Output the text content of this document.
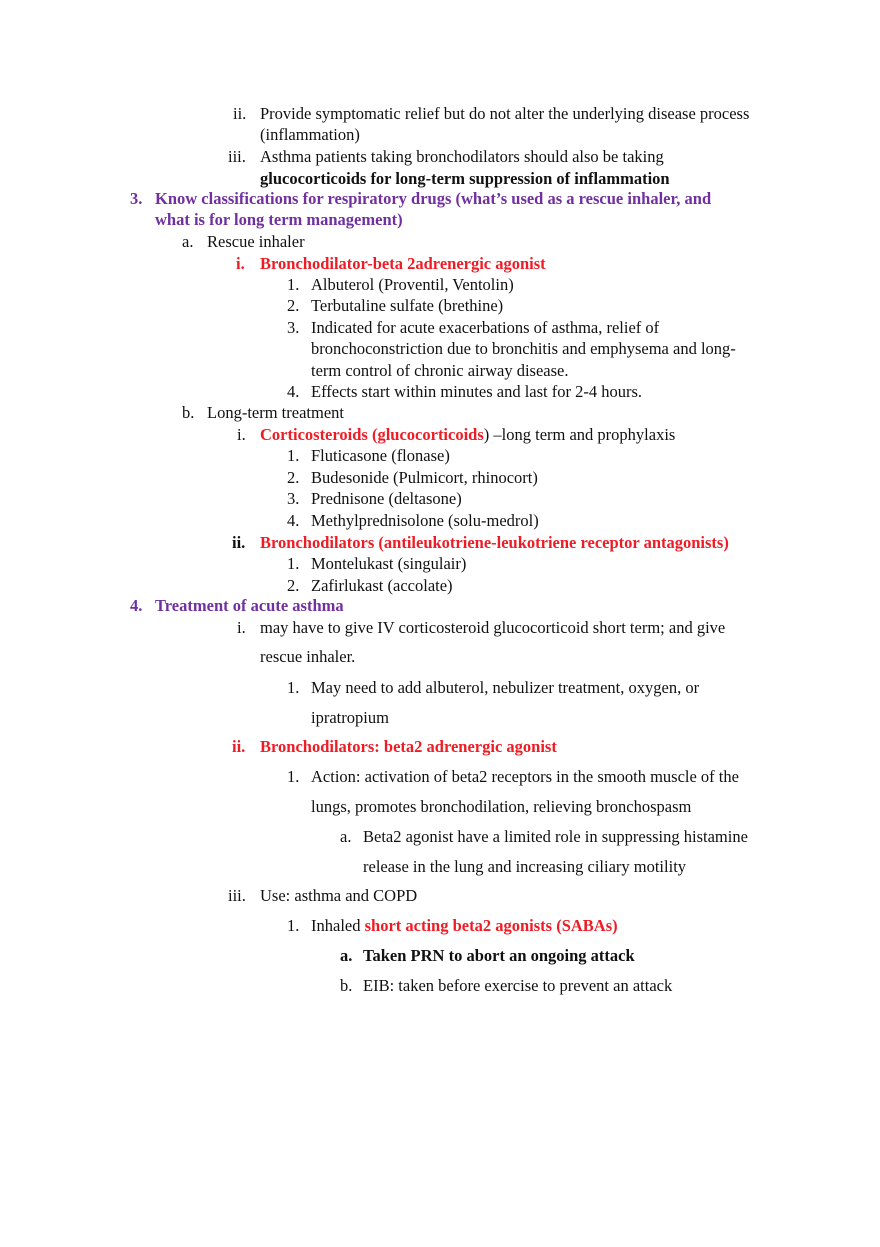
ii. Provide symptomatic relief but do not alter the underlying disease process
(inflammation)
iii. Asthma patients taking bronchodilators should also be taking
glucocorticoids for long-term suppression of inflammation
3. Know classifications for respiratory drugs (what’s used as a rescue inhaler, and
what is for long term management)
a. Rescue inhaler
i. Bronchodilator-beta 2adrenergic agonist
1. Albuterol (Proventil, Ventolin)
2. Terbutaline sulfate (brethine)
3. Indicated for acute exacerbations of asthma, relief of
bronchoconstriction due to bronchitis and emphysema and long-
term control of chronic airway disease.
4. Effects start within minutes and last for 2-4 hours.
b. Long-term treatment
i. Corticosteroids (glucocorticoids) –long term and prophylaxis
1. Fluticasone (flonase)
2. Budesonide (Pulmicort, rhinocort)
3. Prednisone (deltasone)
4. Methylprednisolone (solu-medrol)
ii. Bronchodilators (antileukotriene-leukotriene receptor antagonists)
1. Montelukast (singulair)
2. Zafirlukast (accolate)
4. Treatment of acute asthma
i. may have to give IV corticosteroid glucocorticoid short term; and give
rescue inhaler.
1. May need to add albuterol, nebulizer treatment, oxygen, or
ipratropium
ii. Bronchodilators: beta2 adrenergic agonist
1. Action: activation of beta2 receptors in the smooth muscle of the
lungs, promotes bronchodilation, relieving bronchospasm
a. Beta2 agonist have a limited role in suppressing histamine
release in the lung and increasing ciliary motility
iii. Use: asthma and COPD
1. Inhaled short acting beta2 agonists (SABAs)
a. Taken PRN to abort an ongoing attack
b. EIB: taken before exercise to prevent an attack
